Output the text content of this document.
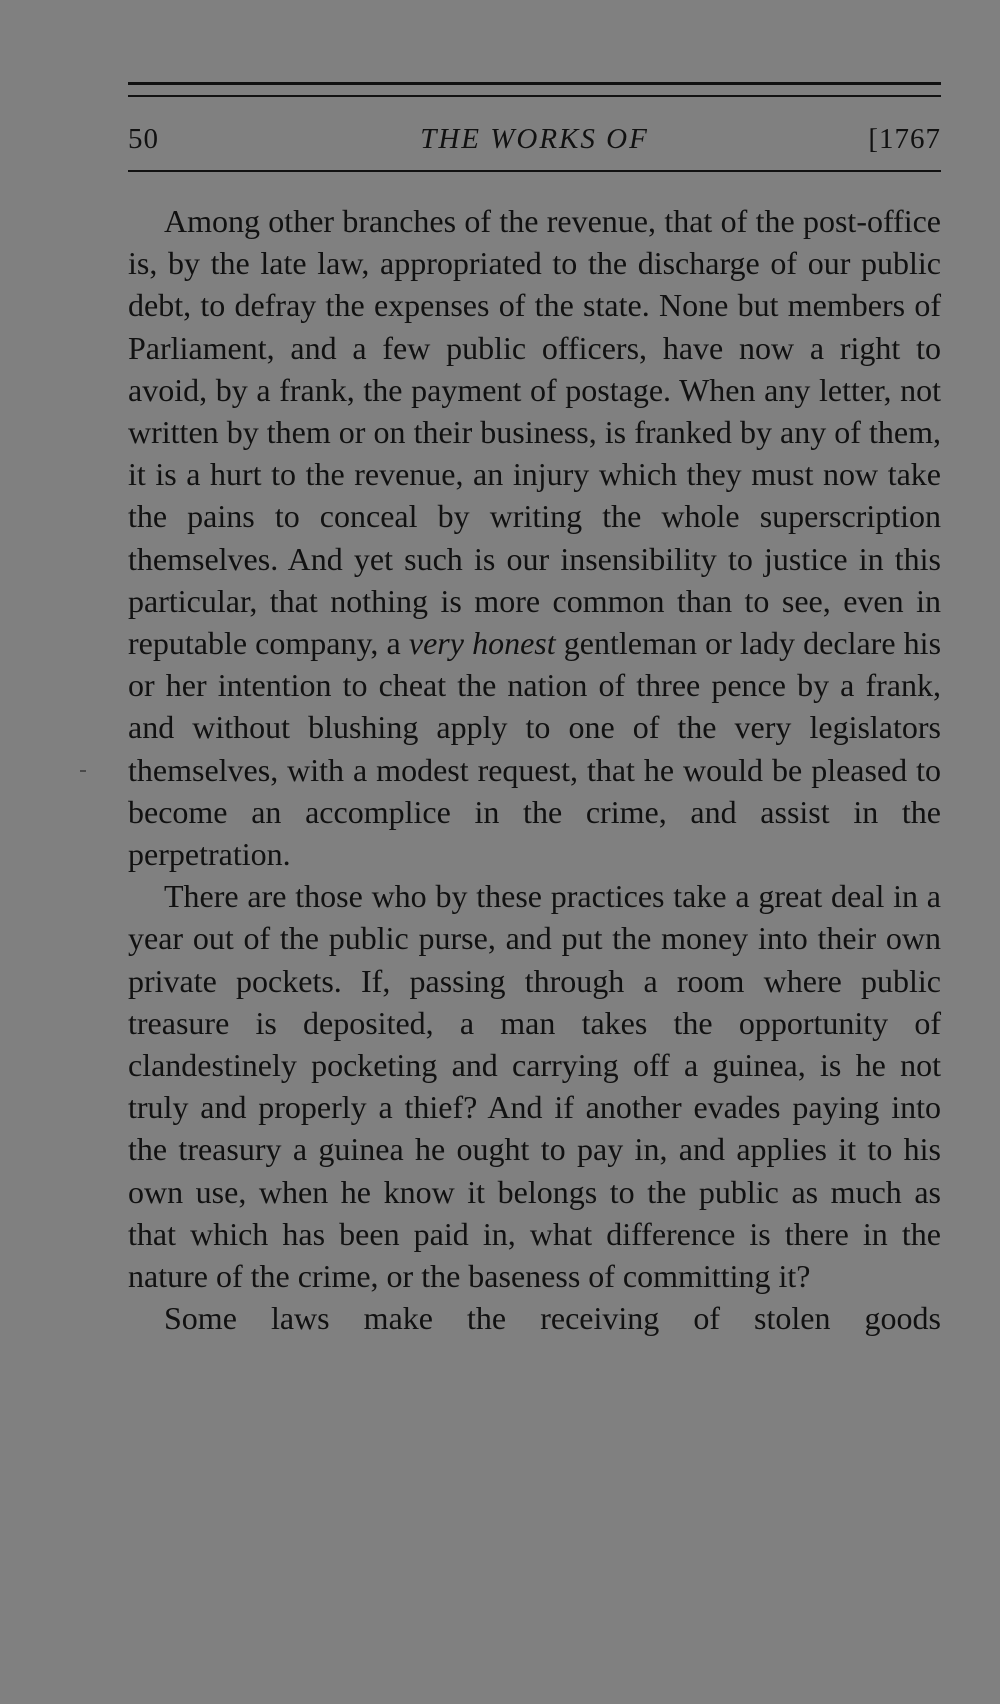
50	THE WORKS OF	[1767

Among other branches of the revenue, that of the post-office is, by the late law, appropriated to the discharge of our public debt, to defray the expenses of the state. None but members of Parliament, and a few public officers, have now a right to avoid, by a frank, the payment of postage. When any letter, not written by them or on their business, is franked by any of them, it is a hurt to the revenue, an injury which they must now take the pains to conceal by writing the whole superscription themselves. And yet such is our insensibility to justice in this particular, that nothing is more common than to see, even in reputable company, a very honest gentleman or lady declare his or her intention to cheat the nation of three pence by a frank, and without blushing apply to one of the very legislators themselves, with a modest request, that he would be pleased to become an accomplice in the crime, and assist in the perpetration.

There are those who by these practices take a great deal in a year out of the public purse, and put the money into their own private pockets. If, passing through a room where public treasure is deposited, a man takes the opportunity of clandestinely pocketing and carrying off a guinea, is he not truly and properly a thief? And if another evades paying into the treasury a guinea he ought to pay in, and applies it to his own use, when he know it belongs to the public as much as that which has been paid in, what difference is there in the nature of the crime, or the baseness of committing it?

Some laws make the receiving of stolen goods
